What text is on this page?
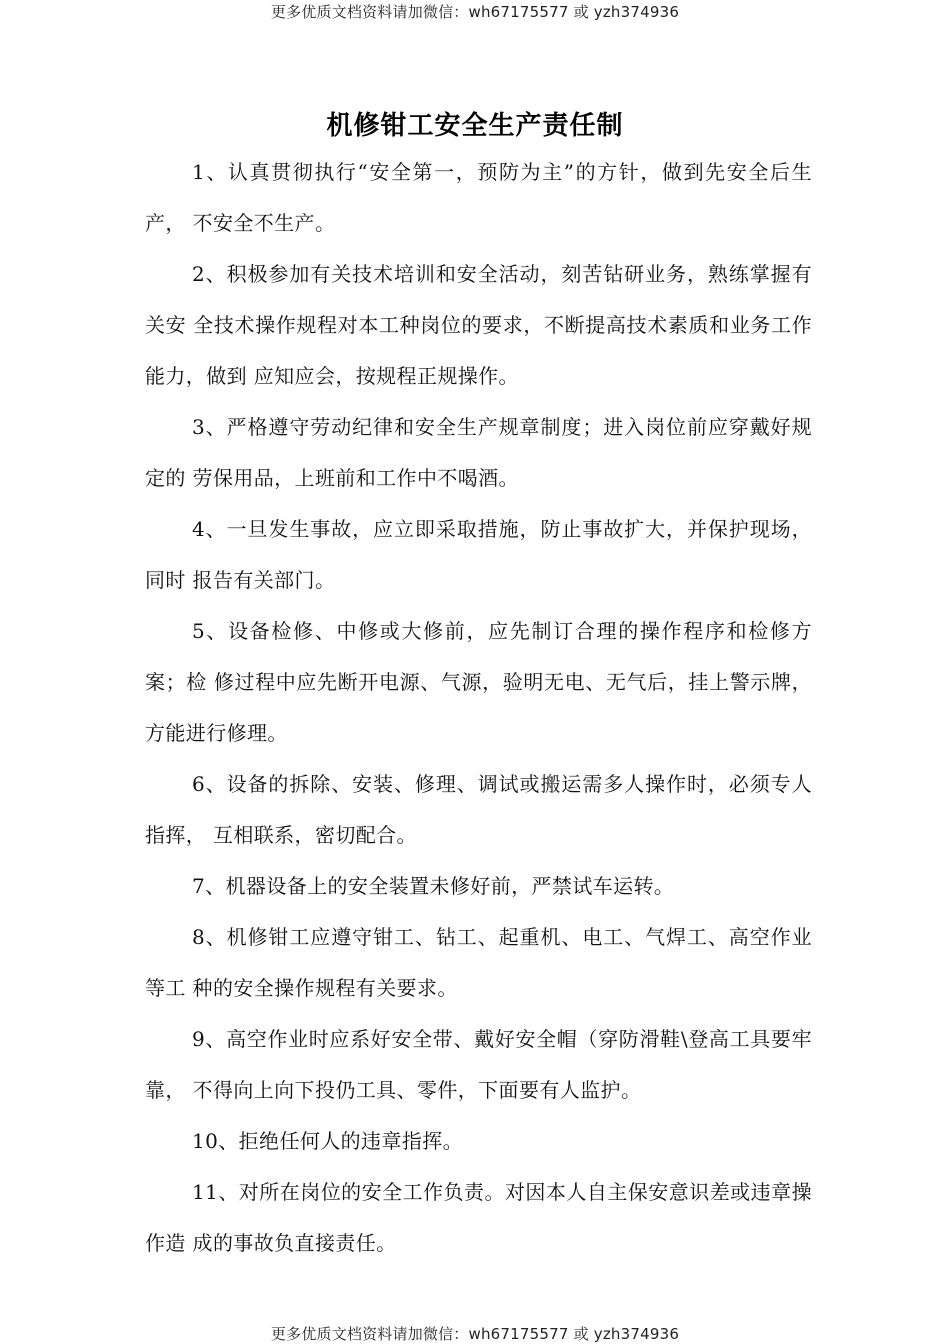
更多优质文档资料请加微信：wh67175577 或 yzh374936
机修钳工安全生产责任制

1、认真贯彻执行“安全第一，预防为主”的方针，做到先安全后生产， 不安全不生产。

2、积极参加有关技术培训和安全活动，刻苦钻研业务，熟练掌握有关安 全技术操作规程对本工种岗位的要求，不断提高技术素质和业务工作能力，做到 应知应会，按规程正规操作。

3、严格遵守劳动纪律和安全生产规章制度；进入岗位前应穿戴好规定的 劳保用品，上班前和工作中不喝酒。

4、一旦发生事故，应立即采取措施，防止事故扩大，并保护现场，同时 报告有关部门。

5、设备检修、中修或大修前，应先制订合理的操作程序和检修方案；检 修过程中应先断开电源、气源，验明无电、无气后，挂上警示牌，方能进行修理。

6、设备的拆除、安装、修理、调试或搬运需多人操作时，必须专人指挥， 互相联系，密切配合。

7、机器设备上的安全装置未修好前，严禁试车运转。

8、机修钳工应遵守钳工、钻工、起重机、电工、气焊工、高空作业等工 种的安全操作规程有关要求。

9、高空作业时应系好安全带、戴好安全帽（穿防滑鞋\登高工具要牢靠， 不得向上向下投仍工具、零件，下面要有人监护。

10、拒绝任何人的违章指挥。

11、对所在岗位的安全工作负责。对因本人自主保安意识差或违章操作造 成的事故负直接责任。

更多优质文档资料请加微信：wh67175577 或 yzh374936
